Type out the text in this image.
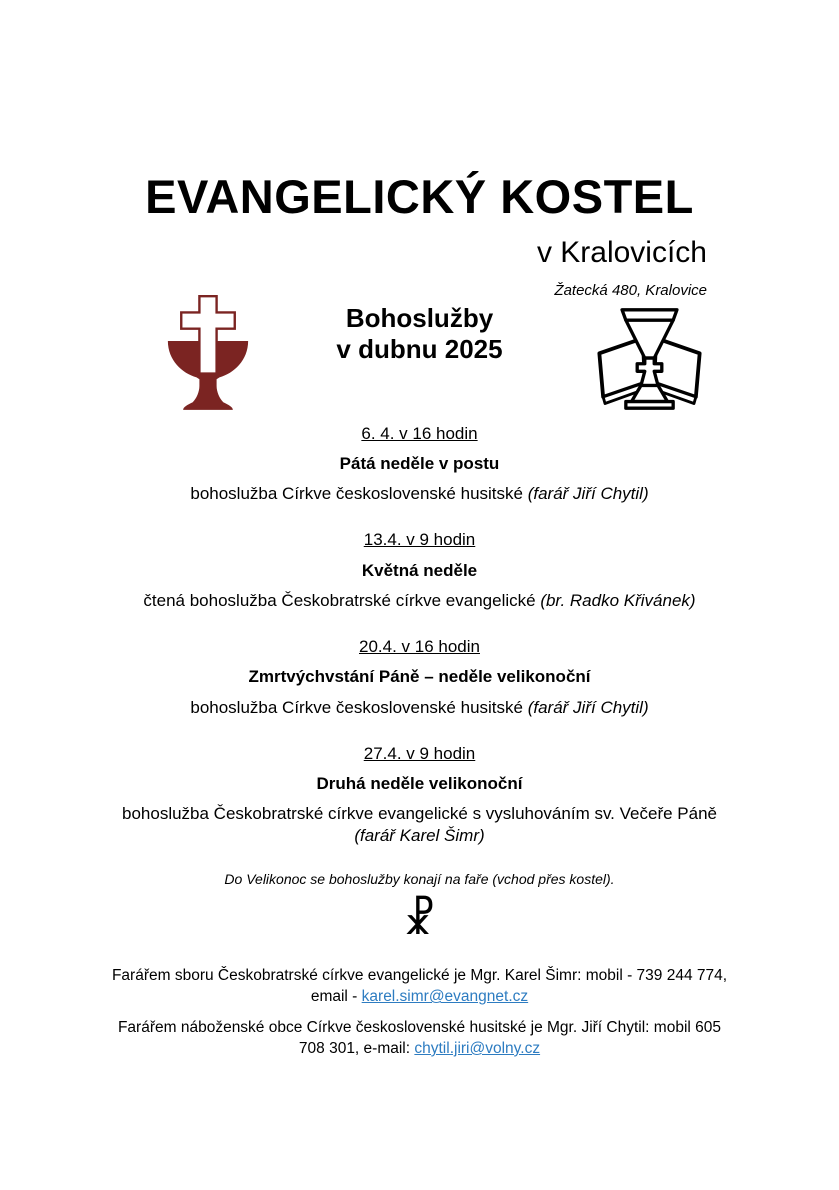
EVANGELICKÝ KOSTEL
v Kralovicích
Žatecká 480, Kralovice
Bohoslužby
v dubnu 2025
6. 4. v 16 hodin
Pátá neděle v postu
bohoslužba Církve československé husitské (farář Jiří Chytil)
13.4. v 9 hodin
Květná neděle
čtená bohoslužba Českobratrské církve evangelické (br. Radko Křivánek)
20.4. v 16 hodin
Zmrtvýchvstání Páně – neděle velikonoční
bohoslužba Církve československé husitské (farář Jiří Chytil)
27.4. v 9 hodin
Druhá neděle velikonoční
bohoslužba Českobratrské církve evangelické s vysluhováním sv. Večeře Páně (farář Karel Šimr)
Do Velikonoc se bohoslužby konají na faře (vchod přes kostel).
☧

Farářem sboru Českobratrské církve evangelické je Mgr. Karel Šimr: mobil - 739 244 774, email - karel.simr@evangnet.cz

Farářem náboženské obce Církve československé husitské je Mgr. Jiří Chytil: mobil 605 708 301, e-mail: chytil.jiri@volny.cz
